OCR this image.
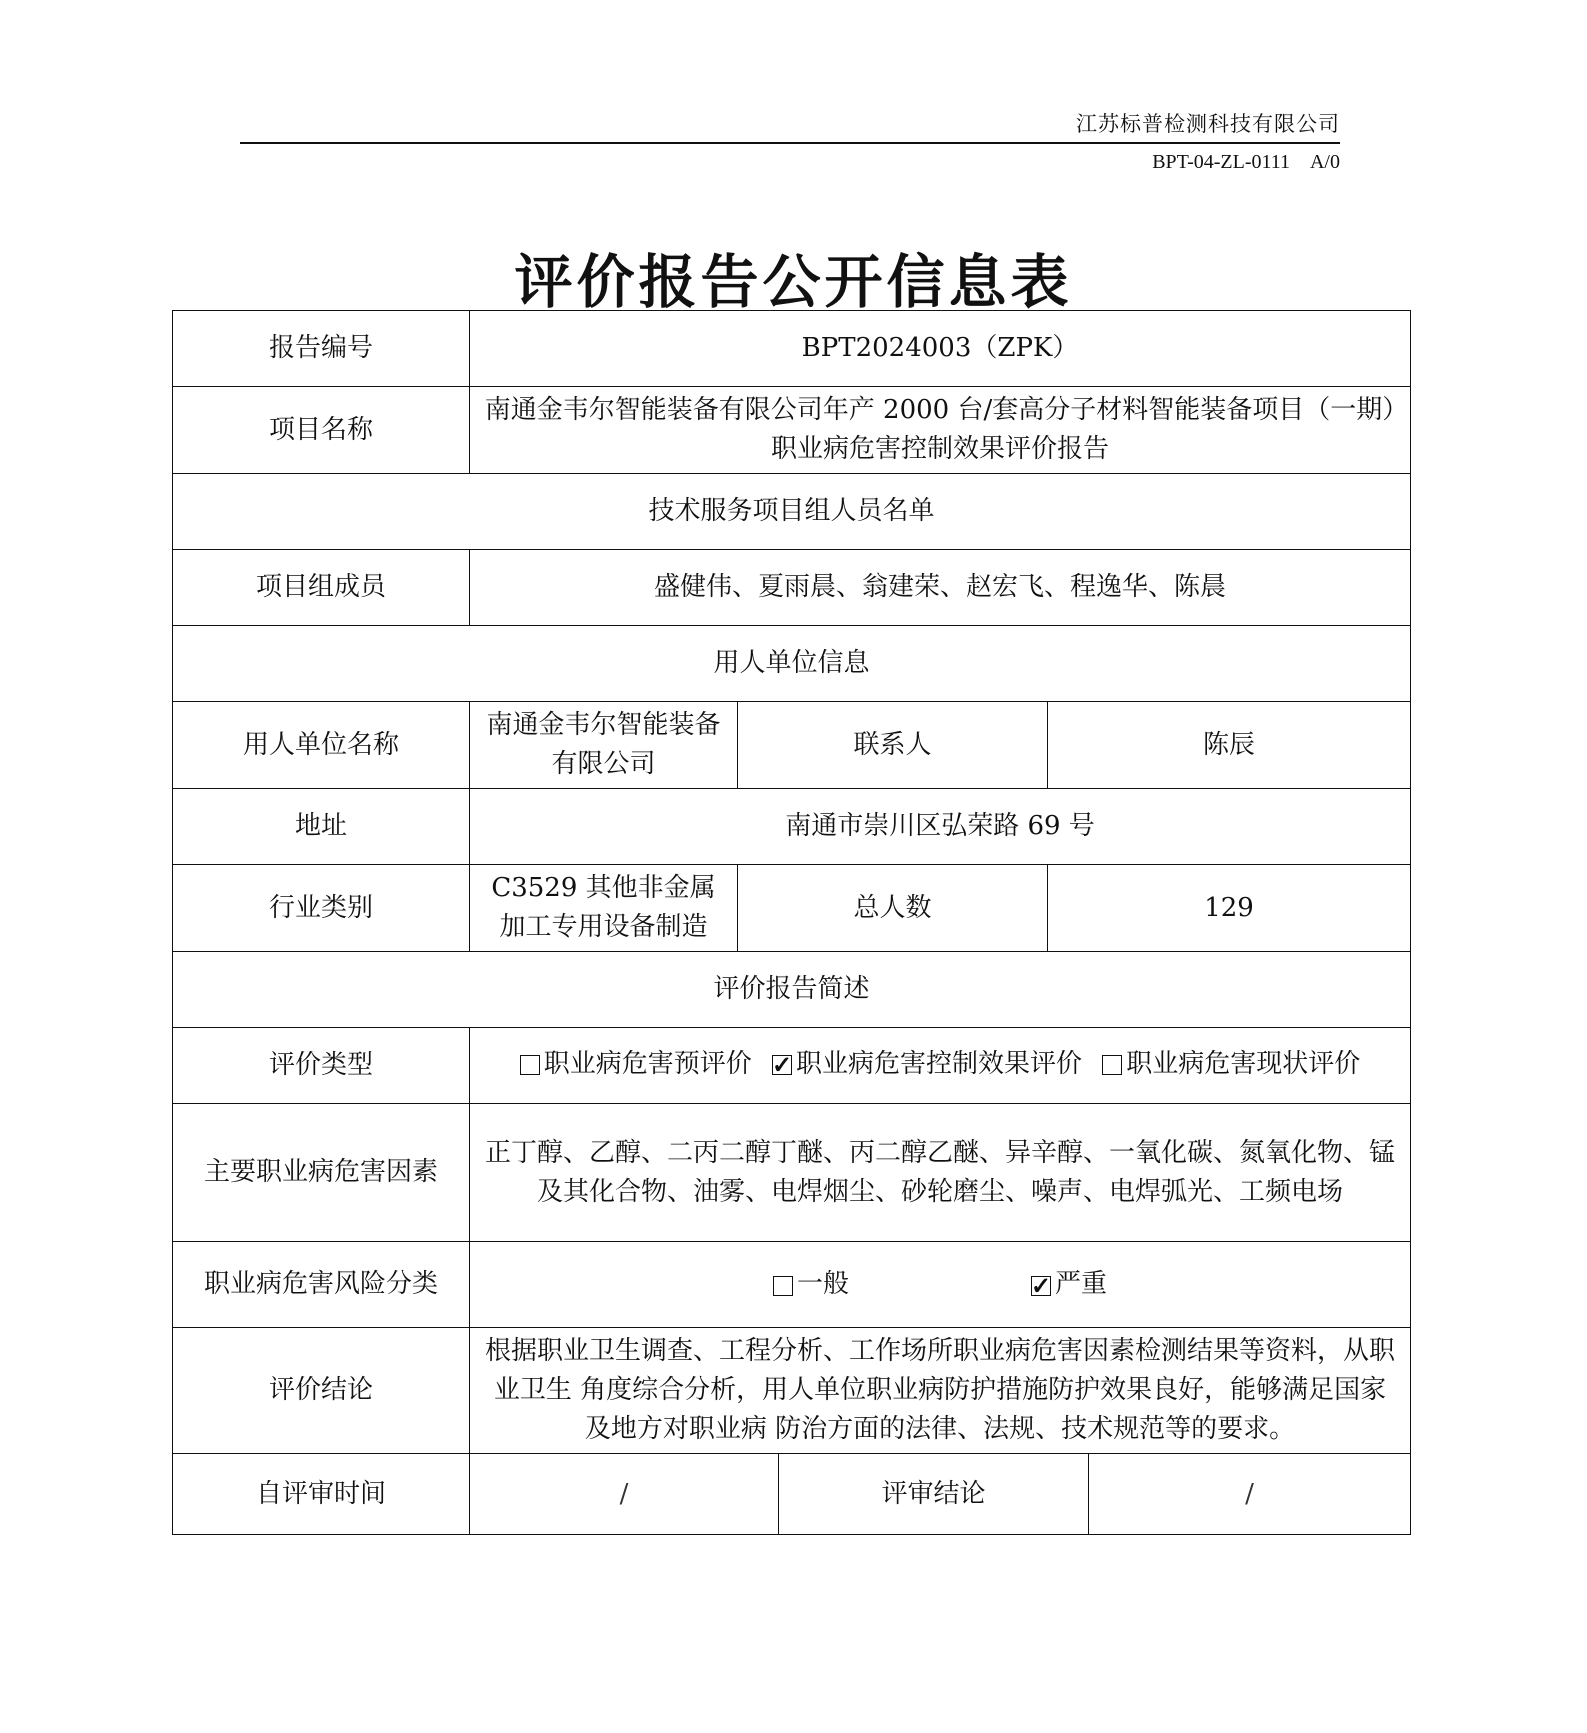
江苏标普检测科技有限公司
BPT-04-ZL-0111　A/0
评价报告公开信息表
报告编号	BPT2024003（ZPK）				
项目名称	南通金韦尔智能装备有限公司年产 2000 台/套高分子材料智能装备项目（一期）职业病危害控制效果评价报告				
技术服务项目组人员名单					
项目组成员	盛健伟、夏雨晨、翁建荣、赵宏飞、程逸华、陈晨				
用人单位信息					
用人单位名称	南通金韦尔智能装备有限公司	联系人		陈辰	
地址	南通市崇川区弘荣路 69 号				
行业类别	C3529 其他非金属加工专用设备制造	总人数		129	
评价报告简述					
评价类型	职业病危害预评价
✓ 职业病危害控制效果评价
职业病危害现状评价

主要职业病危害因素	正丁醇、乙醇、二丙二醇丁醚、丙二醇乙醚、异辛醇、一氧化碳、氮氧化物、锰及其化合物、油雾、电焊烟尘、砂轮磨尘、噪声、电焊弧光、工频电场				
职业病危害风险分类	一般 ✓ 严重

评价结论	根据职业卫生调查、工程分析、工作场所职业病危害因素检测结果等资料，从职业卫生 角度综合分析，用人单位职业病防护措施防护效果良好，能够满足国家及地方对职业病 防治方面的法律、法规、技术规范等的要求。				
自评审时间	/		评审结论		/
